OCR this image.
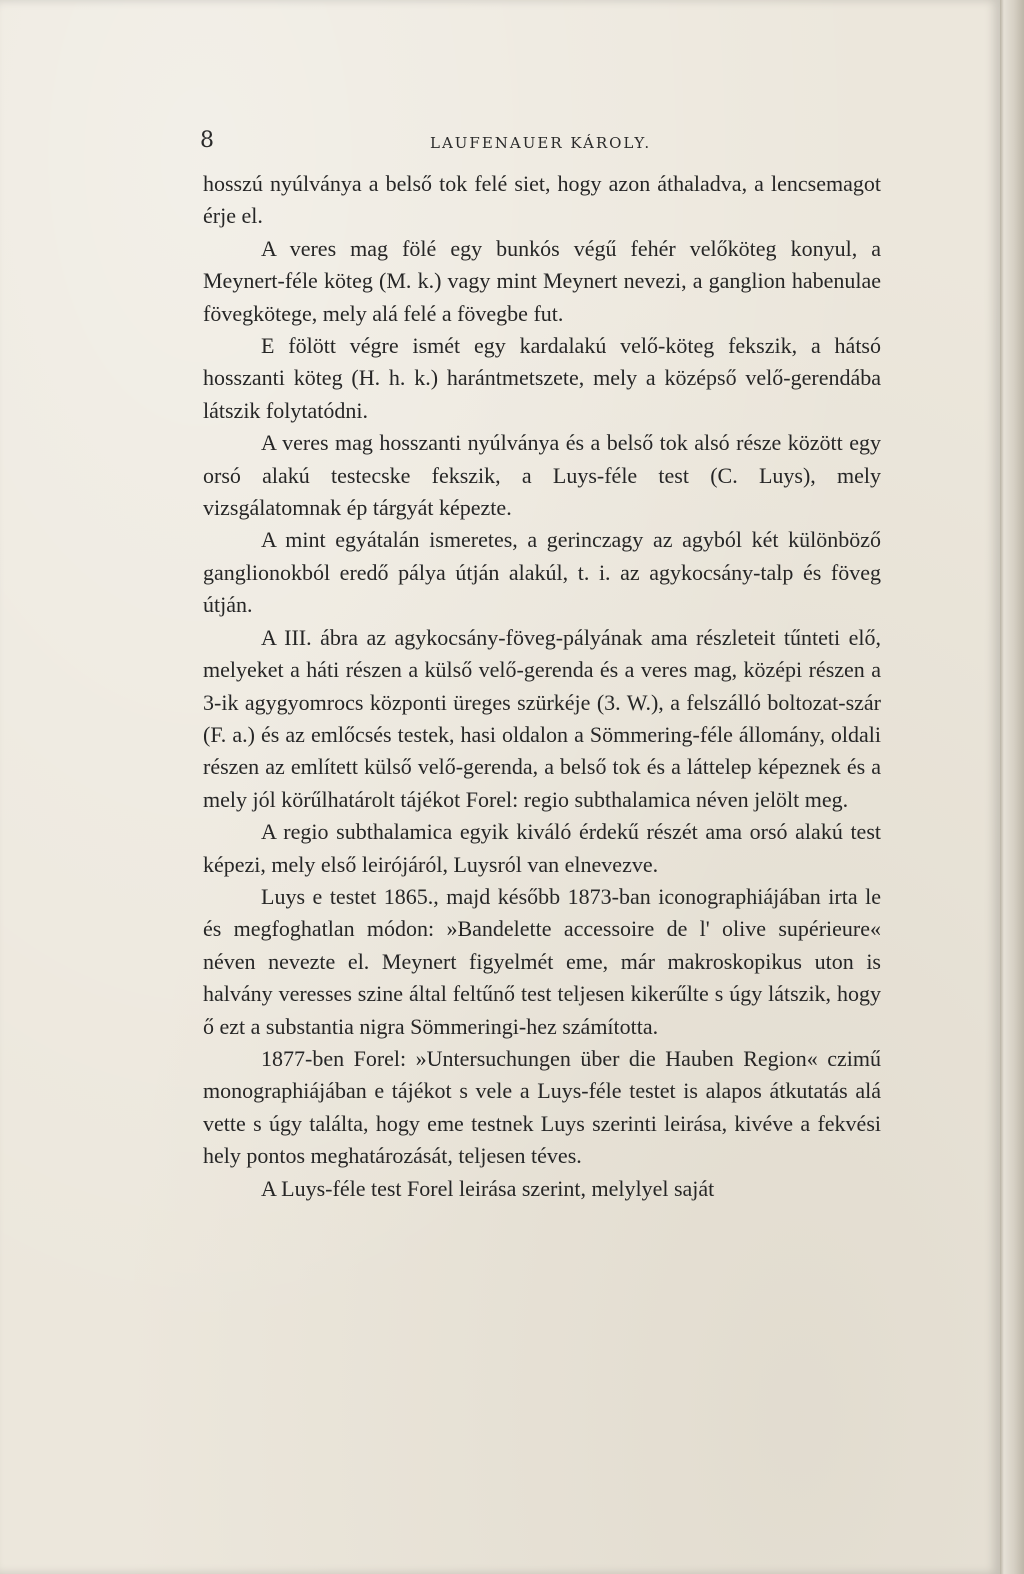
8	LAUFENAUER KÁROLY.

hosszú nyúlványa a belső tok felé siet, hogy azon áthaladva, a lencsemagot érje el.

A veres mag fölé egy bunkós végű fehér velőköteg konyul, a Meynert-féle köteg (M. k.) vagy mint Meynert nevezi, a ganglion habenulae fövegkötege, mely alá felé a fövegbe fut.

E fölött végre ismét egy kardalakú velő-köteg fekszik, a hátsó hosszanti köteg (H. h. k.) harántmetszete, mely a középső velő-gerendába látszik folytatódni.

A veres mag hosszanti nyúlványa és a belső tok alsó része között egy orsó alakú testecske fekszik, a Luys-féle test (C. Luys), mely vizsgálatomnak ép tárgyát képezte.

A mint egyátalán ismeretes, a gerinczagy az agyból két különböző ganglionokból eredő pálya útján alakúl, t. i. az agykocsány-talp és föveg útján.

A III. ábra az agykocsány-föveg-pályának ama részleteit tűnteti elő, melyeket a háti részen a külső velő-gerenda és a veres mag, középi részen a 3-ik agygyomrocs központi üreges szürkéje (3. W.), a felszálló boltozat-szár (F. a.) és az emlőcsés testek, hasi oldalon a Sömmering-féle állomány, oldali részen az említett külső velő-gerenda, a belső tok és a láttelep képeznek és a mely jól körűlhatárolt tájékot Forel: regio subthalamica néven jelölt meg.

A regio subthalamica egyik kiváló érdekű részét ama orsó alakú test képezi, mely első leirójáról, Luysról van elnevezve.

Luys e testet 1865., majd később 1873-ban iconographiájában irta le és megfoghatlan módon: »Bandelette accessoire de l' olive supérieure« néven nevezte el. Meynert figyelmét eme, már makroskopikus uton is halvány veresses szine által feltűnő test teljesen kikerűlte s úgy látszik, hogy ő ezt a substantia nigra Sömmeringi-hez számította.

1877-ben Forel: »Untersuchungen über die Hauben Region« czimű monographiájában e tájékot s vele a Luys-féle testet is alapos átkutatás alá vette s úgy találta, hogy eme testnek Luys szerinti leirása, kivéve a fekvési hely pontos meghatározását, teljesen téves.

A Luys-féle test Forel leirása szerint, melylyel saját
